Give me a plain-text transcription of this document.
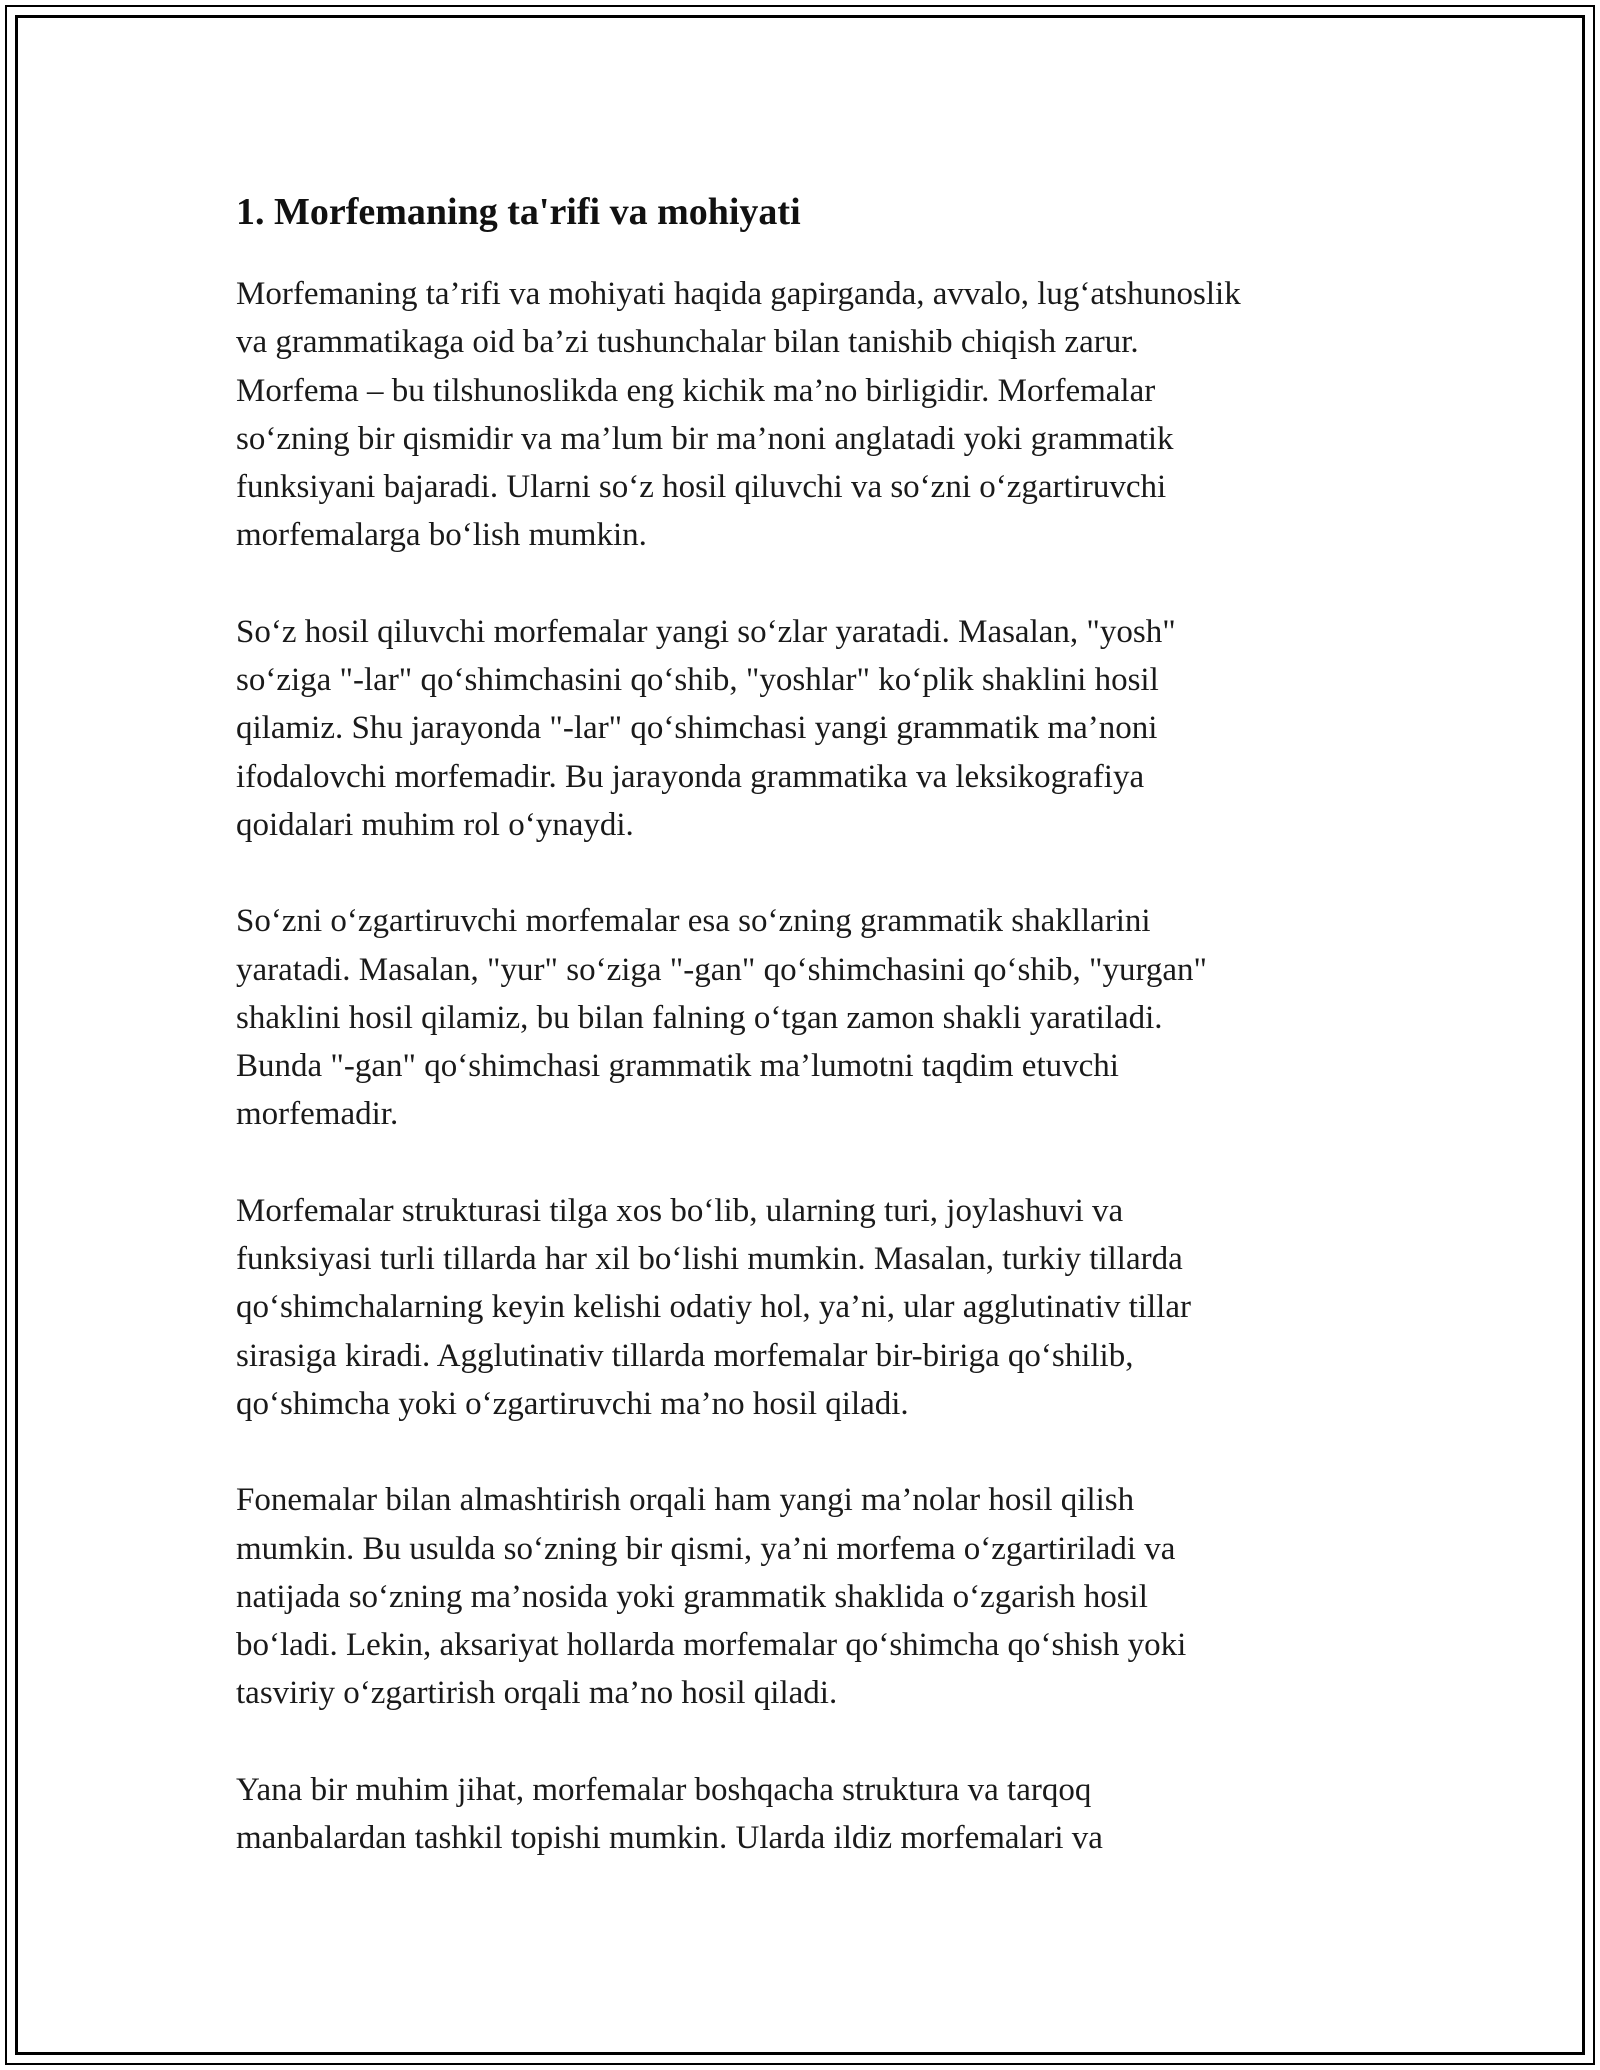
1. Morfemaning ta'rifi va mohiyati

Morfemaning ta’rifi va mohiyati haqida gapirganda, avvalo, lug‘atshunoslik
va grammatikaga oid ba’zi tushunchalar bilan tanishib chiqish zarur.
Morfema – bu tilshunoslikda eng kichik ma’no birligidir. Morfemalar
so‘zning bir qismidir va ma’lum bir ma’noni anglatadi yoki grammatik
funksiyani bajaradi. Ularni so‘z hosil qiluvchi va so‘zni o‘zgartiruvchi
morfemalarga bo‘lish mumkin.

So‘z hosil qiluvchi morfemalar yangi so‘zlar yaratadi. Masalan, "yosh"
so‘ziga "-lar" qo‘shimchasini qo‘shib, "yoshlar" ko‘plik shaklini hosil
qilamiz. Shu jarayonda "-lar" qo‘shimchasi yangi grammatik ma’noni
ifodalovchi morfemadir. Bu jarayonda grammatika va leksikografiya
qoidalari muhim rol o‘ynaydi.

So‘zni o‘zgartiruvchi morfemalar esa so‘zning grammatik shakllarini
yaratadi. Masalan, "yur" so‘ziga "-gan" qo‘shimchasini qo‘shib, "yurgan"
shaklini hosil qilamiz, bu bilan falning o‘tgan zamon shakli yaratiladi.
Bunda "-gan" qo‘shimchasi grammatik ma’lumotni taqdim etuvchi
morfemadir.

Morfemalar strukturasi tilga xos bo‘lib, ularning turi, joylashuvi va
funksiyasi turli tillarda har xil bo‘lishi mumkin. Masalan, turkiy tillarda
qo‘shimchalarning keyin kelishi odatiy hol, ya’ni, ular agglutinativ tillar
sirasiga kiradi. Agglutinativ tillarda morfemalar bir-biriga qo‘shilib,
qo‘shimcha yoki o‘zgartiruvchi ma’no hosil qiladi.

Fonemalar bilan almashtirish orqali ham yangi ma’nolar hosil qilish
mumkin. Bu usulda so‘zning bir qismi, ya’ni morfema o‘zgartiriladi va
natijada so‘zning ma’nosida yoki grammatik shaklida o‘zgarish hosil
bo‘ladi. Lekin, aksariyat hollarda morfemalar qo‘shimcha qo‘shish yoki
tasviriy o‘zgartirish orqali ma’no hosil qiladi.

Yana bir muhim jihat, morfemalar boshqacha struktura va tarqoq
manbalardan tashkil topishi mumkin. Ularda ildiz morfemalari va
